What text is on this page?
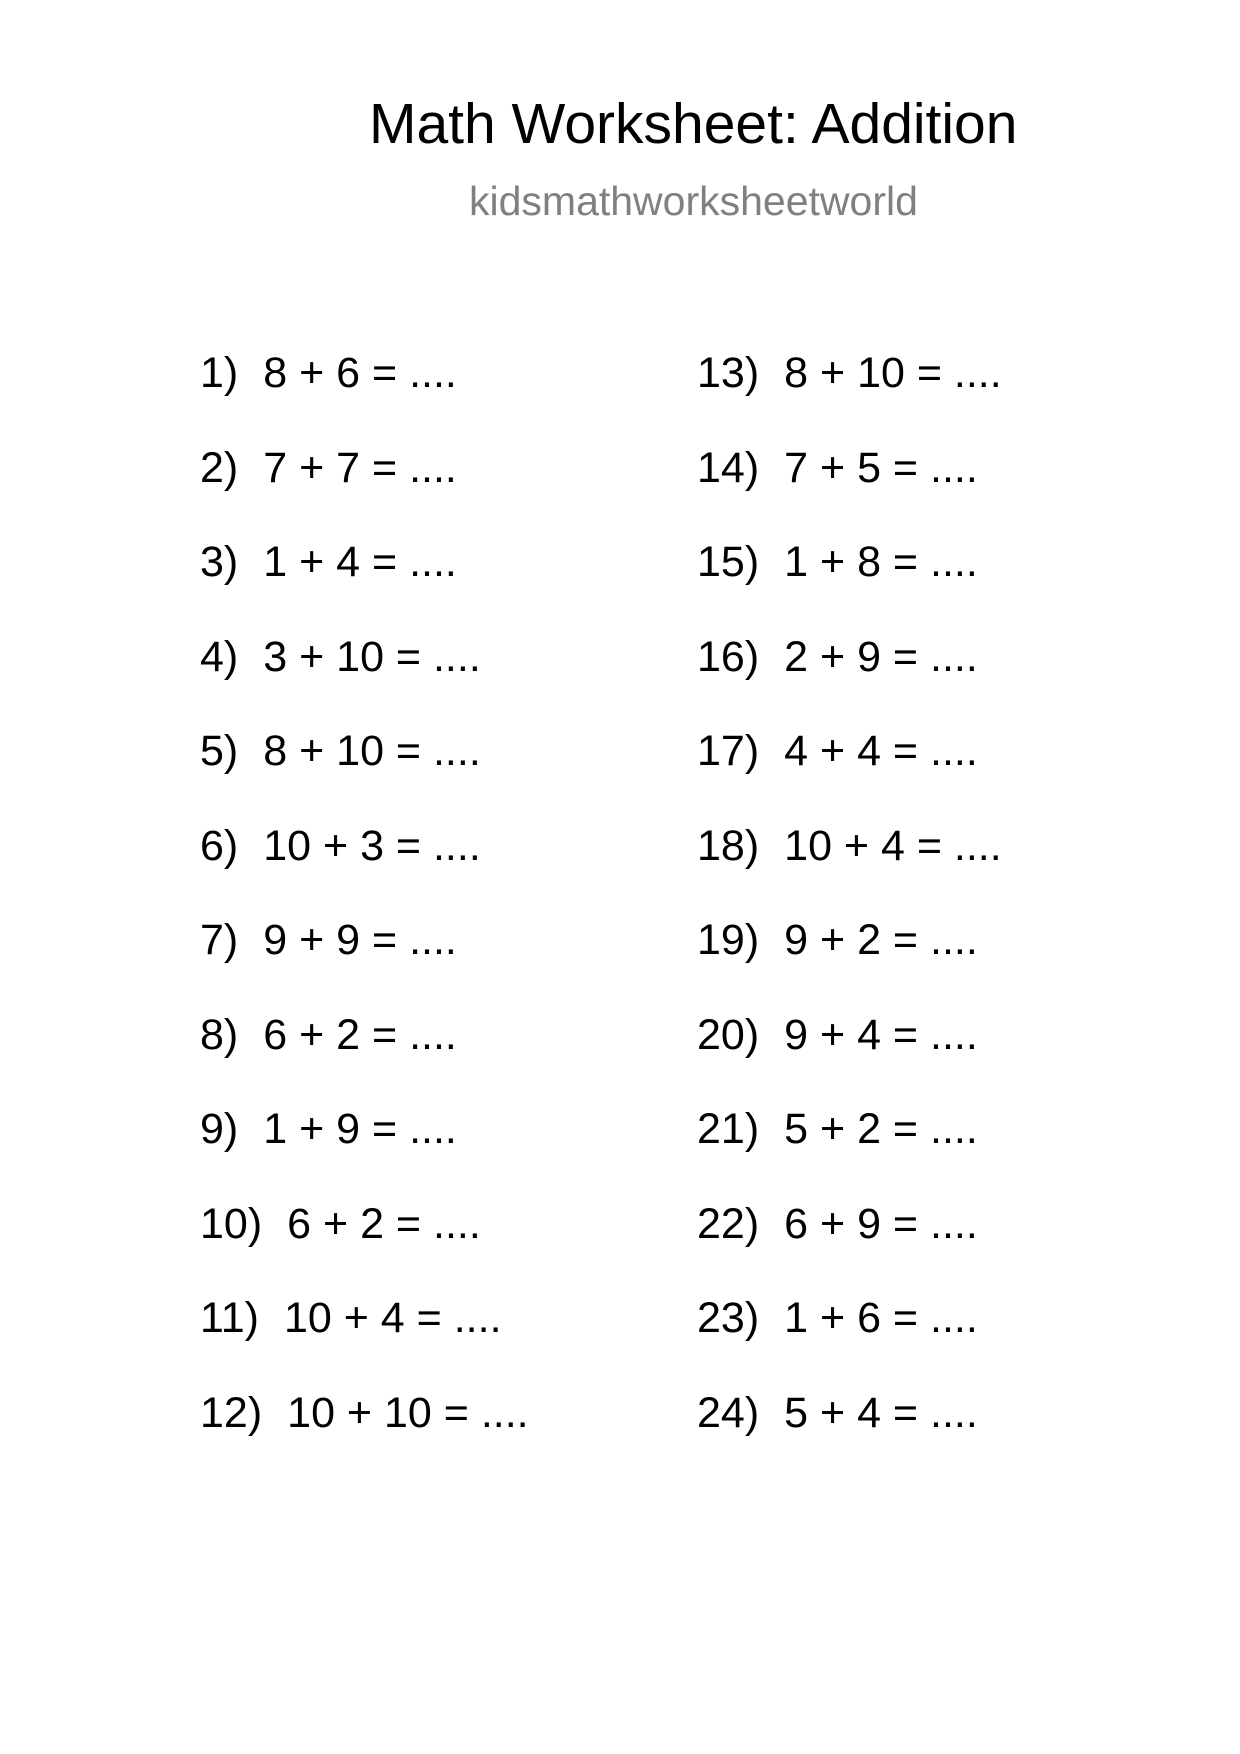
Math Worksheet: Addition
kidsmathworksheetworld
1) 8 + 6 = ....
2) 7 + 7 = ....
3) 1 + 4 = ....
4) 3 + 10 = ....
5) 8 + 10 = ....
6) 10 + 3 = ....
7) 9 + 9 = ....
8) 6 + 2 = ....
9) 1 + 9 = ....
10) 6 + 2 = ....
11) 10 + 4 = ....
12) 10 + 10 = ....
13) 8 + 10 = ....
14) 7 + 5 = ....
15) 1 + 8 = ....
16) 2 + 9 = ....
17) 4 + 4 = ....
18) 10 + 4 = ....
19) 9 + 2 = ....
20) 9 + 4 = ....
21) 5 + 2 = ....
22) 6 + 9 = ....
23) 1 + 6 = ....
24) 5 + 4 = ....
